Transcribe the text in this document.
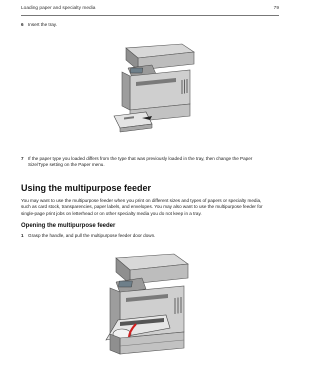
Loading paper and specialty media	79
6 Insert the tray.
7 If the paper type you loaded differs from the type that was previously loaded in the tray, then change the Paper
Size/Type setting on the Paper menu.
Using the multipurpose feeder
You may want to use the multipurpose feeder when you print on different sizes and types of papers or specialty media,
such as card stock, transparencies, paper labels, and envelopes. You may also want to use the multipurpose feeder for
single-page print jobs on letterhead or on other specialty media you do not keep in a tray.
Opening the multipurpose feeder
1 Grasp the handle, and pull the multipurpose feeder door down.
